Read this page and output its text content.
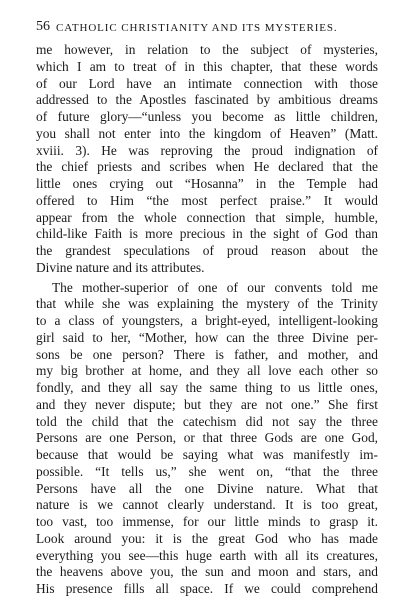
56 CATHOLIC CHRISTIANITY AND ITS MYSTERIES.

me however, in relation to the subject of mysteries,
which I am to treat of in this chapter, that these words
of our Lord have an intimate connection with those
addressed to the Apostles fascinated by ambitious dreams
of future glory—“unless you become as little children,
you shall not enter into the kingdom of Heaven” (Matt.
xviii. 3). He was reproving the proud indignation of
the chief priests and scribes when He declared that the
little ones crying out “Hosanna” in the Temple had
offered to Him “the most perfect praise.” It would
appear from the whole connection that simple, humble,
child-like Faith is more precious in the sight of God than
the grandest speculations of proud reason about the
Divine nature and its attributes.

The mother-superior of one of our convents told me
that while she was explaining the mystery of the Trinity
to a class of youngsters, a bright-eyed, intelligent-looking
girl said to her, “Mother, how can the three Divine per-
sons be one person? There is father, and mother, and
my big brother at home, and they all love each other so
fondly, and they all say the same thing to us little ones,
and they never dispute; but they are not one.” She first
told the child that the catechism did not say the three
Persons are one Person, or that three Gods are one God,
because that would be saying what was manifestly im-
possible. “It tells us,” she went on, “that the three
Persons have all the one Divine nature. What that
nature is we cannot clearly understand. It is too great,
too vast, too immense, for our little minds to grasp it.
Look around you: it is the great God who has made
everything you see—this huge earth with all its creatures,
the heavens above you, the sun and moon and stars, and
His presence fills all space. If we could comprehend
